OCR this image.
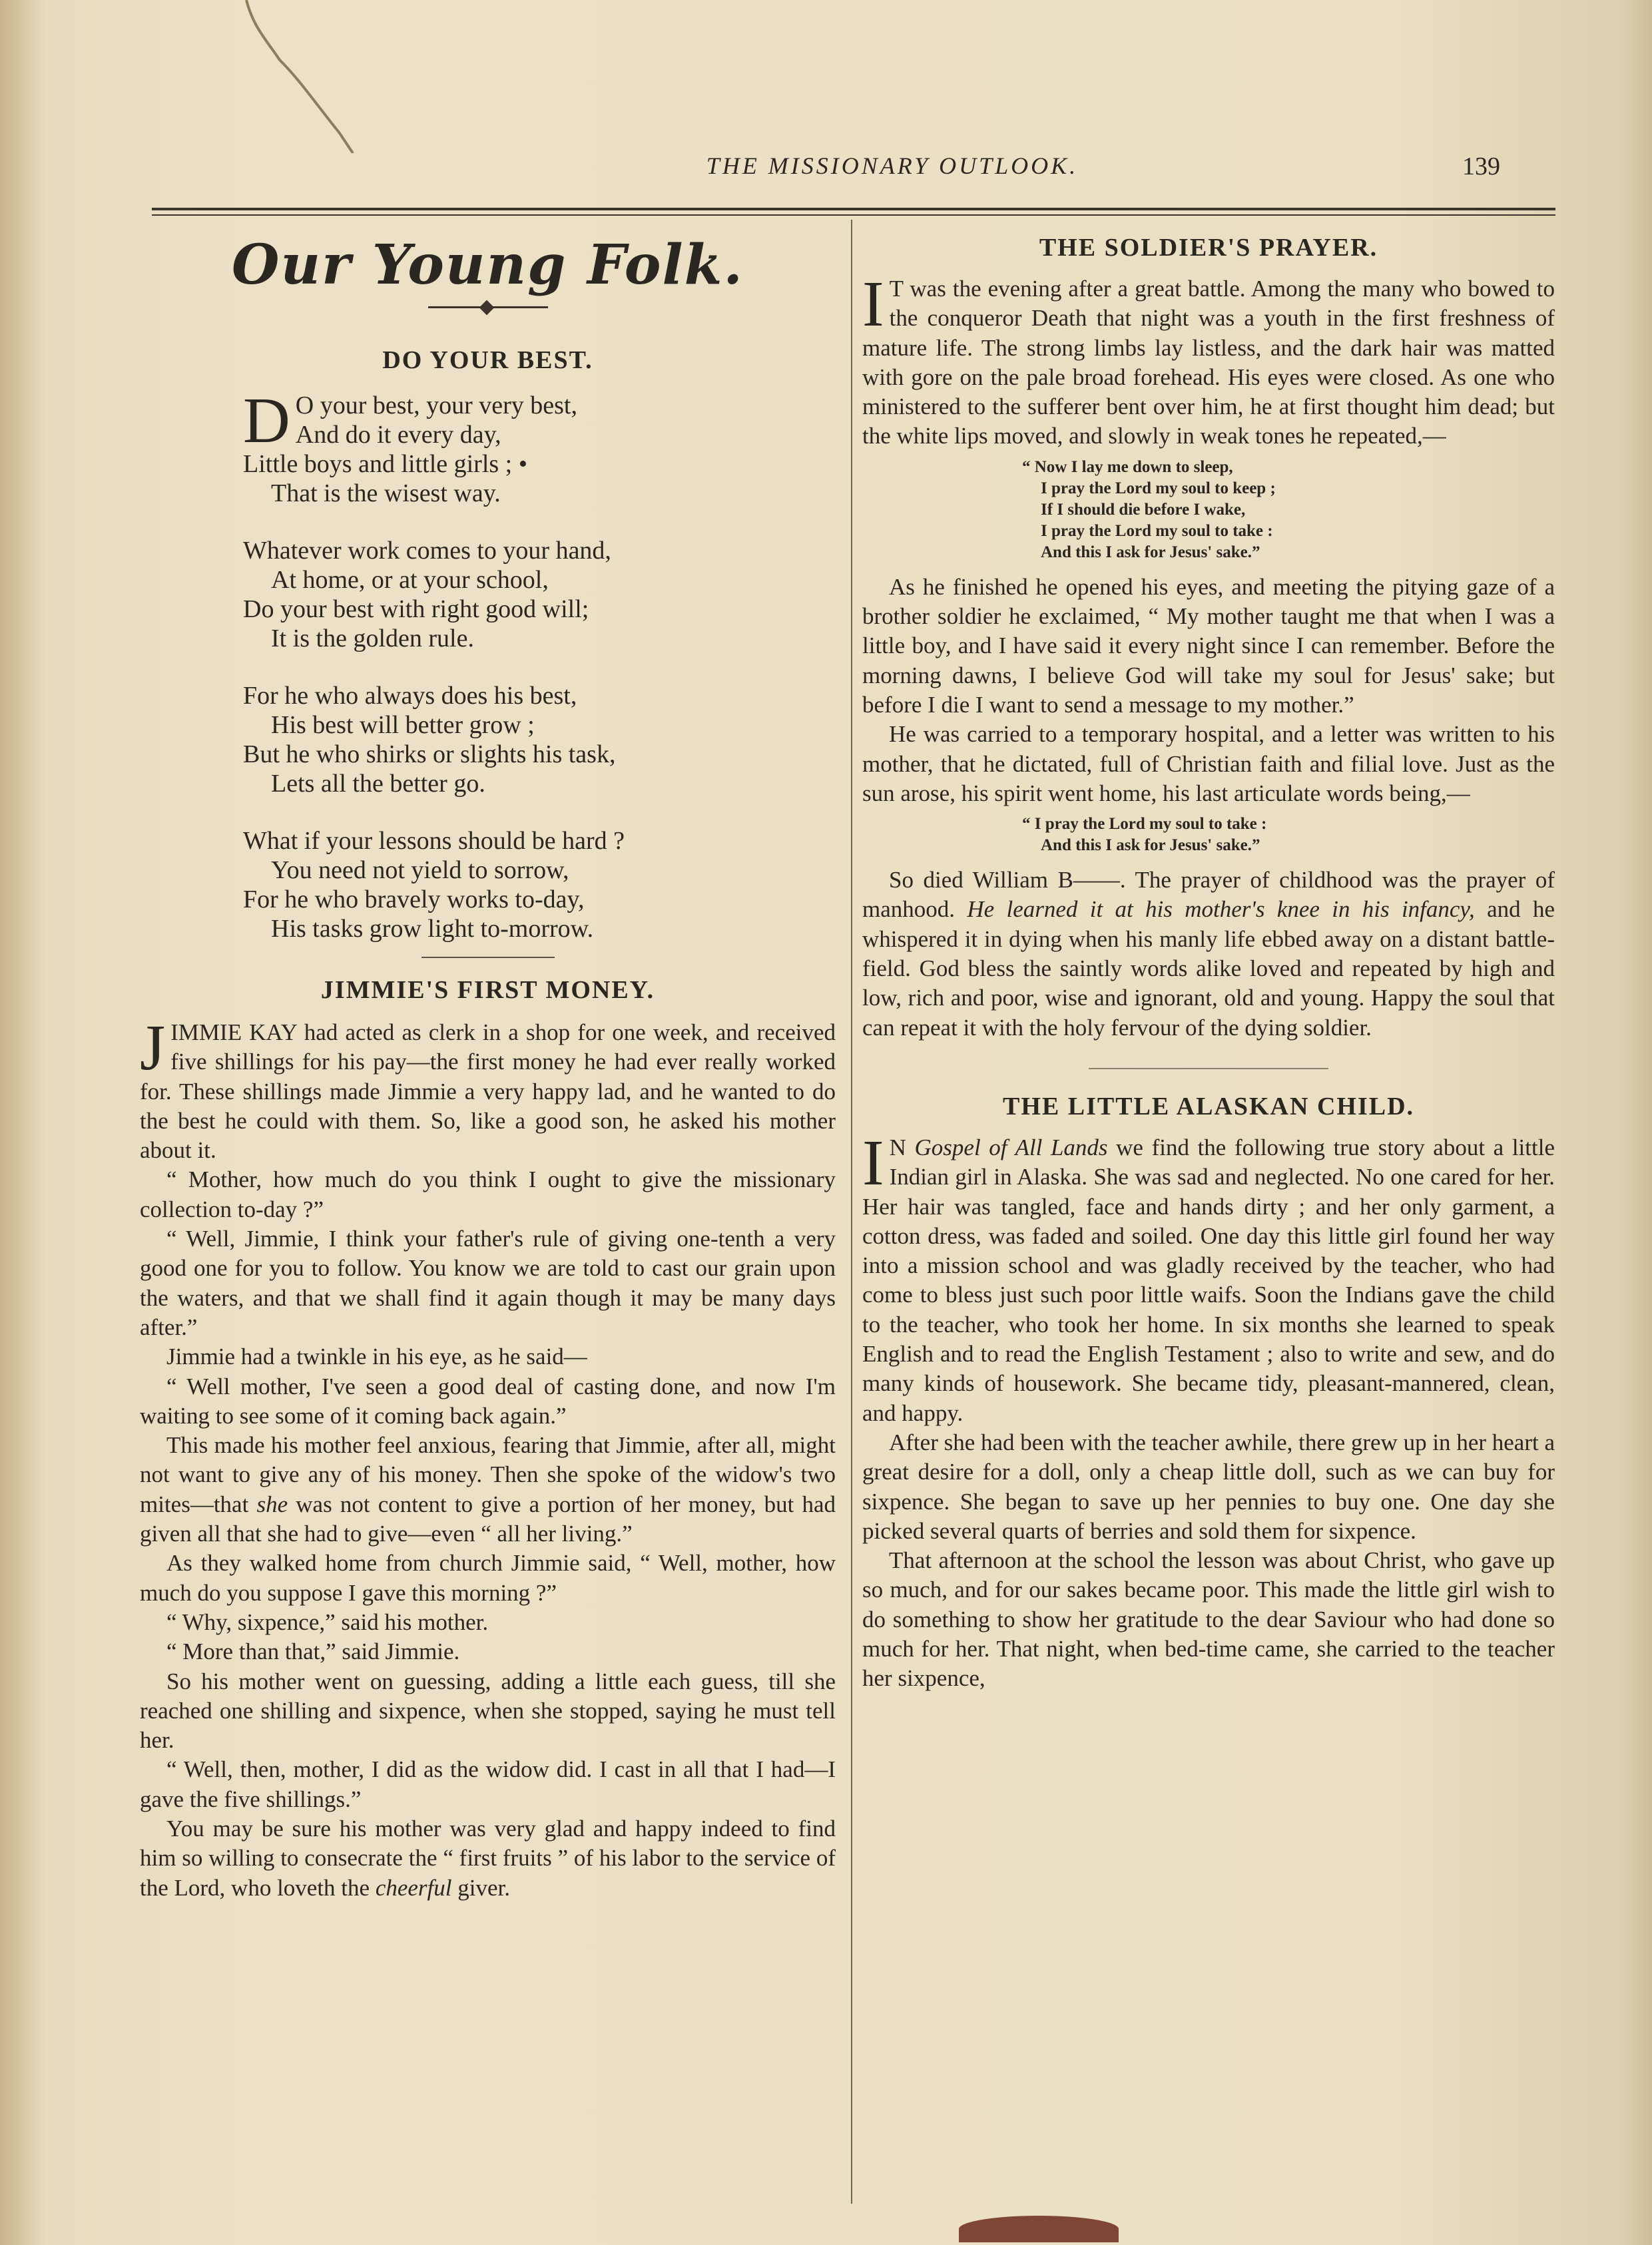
THE MISSIONARY OUTLOOK.	139
Our Young Folk.
DO YOUR BEST.
D O your best, your very best,
And do it every day,
Little boys and little girls ; •
That is the wisest way.
Whatever work comes to your hand,
At home, or at your school,
Do your best with right good will;
It is the golden rule.
For he who always does his best,
His best will better grow ;
But he who shirks or slights his task,
Lets all the better go.
What if your lessons should be hard ?
You need not yield to sorrow,
For he who bravely works to-day,
His tasks grow light to-morrow.
JIMMIE'S FIRST MONEY.

JIMMIE KAY had acted as clerk in a shop for one week, and received five shillings for his pay—the first money he had ever really worked for. These shillings made Jimmie a very happy lad, and he wanted to do the best he could with them. So, like a good son, he asked his mother about it.

“ Mother, how much do you think I ought to give the missionary collection to-day ?”

“ Well, Jimmie, I think your father's rule of giving one-tenth a very good one for you to follow. You know we are told to cast our grain upon the waters, and that we shall find it again though it may be many days after.”

Jimmie had a twinkle in his eye, as he said—

“ Well mother, I've seen a good deal of casting done, and now I'm waiting to see some of it coming back again.”

This made his mother feel anxious, fearing that Jimmie, after all, might not want to give any of his money. Then she spoke of the widow's two mites—that she was not content to give a portion of her money, but had given all that she had to give—even “ all her living.”

As they walked home from church Jimmie said, “ Well, mother, how much do you suppose I gave this morning ?”

“ Why, sixpence,” said his mother.

“ More than that,” said Jimmie.

So his mother went on guessing, adding a little each guess, till she reached one shilling and sixpence, when she stopped, saying he must tell her.

“ Well, then, mother, I did as the widow did. I cast in all that I had—I gave the five shillings.”

You may be sure his mother was very glad and happy indeed to find him so willing to consecrate the “ first fruits ” of his labor to the service of the Lord, who loveth the cheerful giver.

THE SOLDIER'S PRAYER.

I T was the evening after a great battle. Among the many who bowed to the conqueror Death that night was a youth in the first freshness of mature life. The strong limbs lay listless, and the dark hair was matted with gore on the pale broad forehead. His eyes were closed. As one who ministered to the sufferer bent over him, he at first thought him dead; but the white lips moved, and slowly in weak tones he repeated,—

“ Now I lay me down to sleep,
I pray the Lord my soul to keep ;
If I should die before I wake,
I pray the Lord my soul to take :
And this I ask for Jesus' sake.”

As he finished he opened his eyes, and meeting the pitying gaze of a brother soldier he exclaimed, “ My mother taught me that when I was a little boy, and I have said it every night since I can remember. Before the morning dawns, I believe God will take my soul for Jesus' sake; but before I die I want to send a message to my mother.”

He was carried to a temporary hospital, and a letter was written to his mother, that he dictated, full of Christian faith and filial love. Just as the sun arose, his spirit went home, his last articulate words being,—

“ I pray the Lord my soul to take :
And this I ask for Jesus' sake.”

So died William B——. The prayer of childhood was the prayer of manhood. He learned it at his mother's knee in his infancy, and he whispered it in dying when his manly life ebbed away on a distant battle-field. God bless the saintly words alike loved and repeated by high and low, rich and poor, wise and ignorant, old and young. Happy the soul that can repeat it with the holy fervour of the dying soldier.

THE LITTLE ALASKAN CHILD.

I N Gospel of All Lands we find the following true story about a little Indian girl in Alaska. She was sad and neglected. No one cared for her. Her hair was tangled, face and hands dirty ; and her only garment, a cotton dress, was faded and soiled. One day this little girl found her way into a mission school and was gladly received by the teacher, who had come to bless just such poor little waifs. Soon the Indians gave the child to the teacher, who took her home. In six months she learned to speak English and to read the English Testament ; also to write and sew, and do many kinds of housework. She became tidy, pleasant-mannered, clean, and happy.

After she had been with the teacher awhile, there grew up in her heart a great desire for a doll, only a cheap little doll, such as we can buy for sixpence. She began to save up her pennies to buy one. One day she picked several quarts of berries and sold them for sixpence.

That afternoon at the school the lesson was about Christ, who gave up so much, and for our sakes became poor. This made the little girl wish to do something to show her gratitude to the dear Saviour who had done so much for her. That night, when bed-time came, she carried to the teacher her sixpence,
